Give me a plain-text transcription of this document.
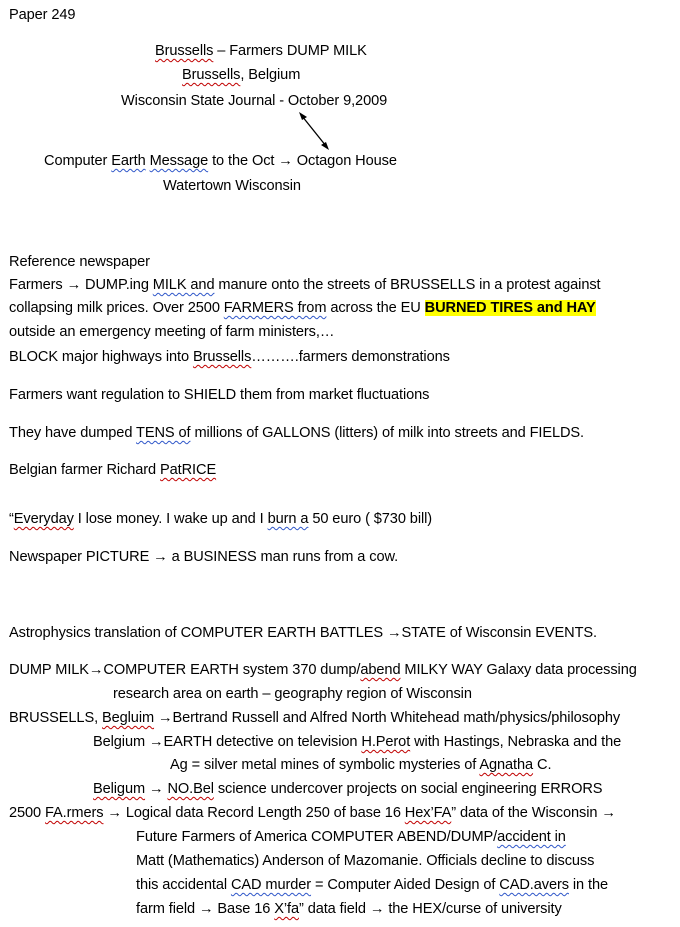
Paper 249
Brussells – Farmers DUMP MILK
Brussells, Belgium
Wisconsin State Journal - October 9,2009
Computer Earth Message to the Oct → Octagon House
Watertown Wisconsin
Reference newspaper
Farmers → DUMP.ing MILK and manure onto the streets of BRUSSELLS in a protest against
collapsing milk prices. Over 2500 FARMERS from across the EU BURNED TIRES and HAY
outside an emergency meeting of farm ministers,…
BLOCK major highways into Brussells……….farmers demonstrations
Farmers want regulation to SHIELD them from market fluctuations
They have dumped TENS of millions of GALLONS (litters) of milk into streets and FIELDS.
Belgian farmer Richard PatRICE
“Everyday I lose money. I wake up and I burn a 50 euro ( $730 bill)
Newspaper PICTURE → a BUSINESS man runs from a cow.
Astrophysics translation of COMPUTER EARTH BATTLES →STATE of Wisconsin EVENTS.
DUMP MILK→COMPUTER EARTH system 370 dump/abend MILKY WAY Galaxy data processing
research area on earth – geography region of Wisconsin
BRUSSELLS, Begluim →Bertrand Russell and Alfred North Whitehead math/physics/philosophy
Belgium →EARTH detective on television H.Perot with Hastings, Nebraska and the
Ag = silver metal mines of symbolic mysteries of Agnatha C.
Beligum → NO.Bel science undercover projects on social engineering ERRORS
2500 FA.rmers → Logical data Record Length 250 of base 16 Hex’FA” data of the Wisconsin →
Future Farmers of America COMPUTER ABEND/DUMP/accident in
Matt (Mathematics) Anderson of Mazomanie. Officials decline to discuss
this accidental CAD murder = Computer Aided Design of CAD.avers in the
farm field → Base 16 X’fa” data field → the HEX/curse of university
